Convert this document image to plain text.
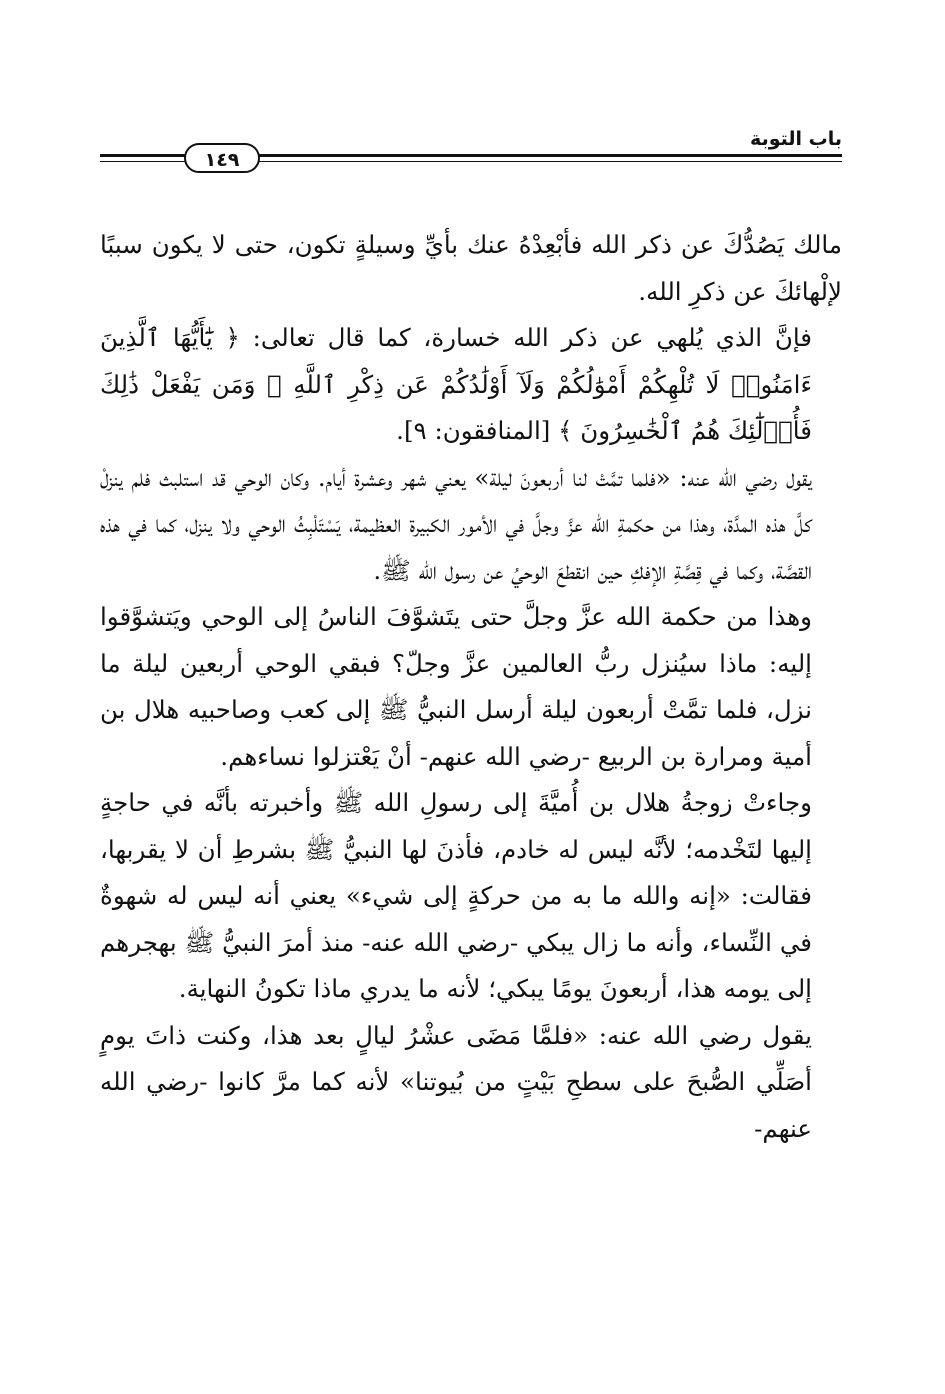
باب التوبة
١٤٩

مالك يَصُدُّكَ عن ذكر الله فأبْعِدْهُ عنك بأيِّ وسيلةٍ تكون، حتى لا يكون سببًا لإلْهائكَ عن ذكرِ الله.

فإنَّ الذي يُلهي عن ذكر الله خسارة، كما قال تعالى: ﴿ يَٰٓأَيُّهَا ٱلَّذِينَ ءَامَنُوا۟ لَا تُلْهِكُمْ أَمْوَٰلُكُمْ وَلَآ أَوْلَٰدُكُمْ عَن ذِكْرِ ٱللَّهِ ۚ وَمَن يَفْعَلْ ذَٰلِكَ فَأُو۟لَٰٓئِكَ هُمُ ٱلْخَٰسِرُونَ ﴾ [المنافقون: ٩].

يقول رضي الله عنه: «فلما تمَّتْ لنا أربعونَ ليلة» يعني شهر وعشرة أيام. وكان الوحي قد استلبث فلم ينزلْ كلَّ هذه المدَّة، وهذا من حكمةِ الله عزَّ وجلَّ في الأمور الكبيرة العظيمة، يَسْتَلْبِثُ الوحي ولا ينزل، كما في هذه القصَّة، وكما في قِصَّةِ الإفكِ حين انقطعَ الوحيُ عن رسول الله ﷺ.

وهذا من حكمة الله عزَّ وجلَّ حتى يتَشوَّفَ الناسُ إلى الوحي ويَتشوَّقوا إليه: ماذا سيُنزل ربُّ العالمين عزَّ وجلّ؟ فبقي الوحي أربعين ليلة ما نزل، فلما تمَّتْ أربعون ليلة أرسل النبيُّ ﷺ إلى كعب وصاحبيه هلال بن أمية ومرارة بن الربيع -رضي الله عنهم- أنْ يَعْتزلوا نساءهم.

وجاءتْ زوجةُ هلال بن أُميَّةَ إلى رسولِ الله ﷺ وأخبرته بأنَّه في حاجةٍ إليها لتَخْدمه؛ لأنَّه ليس له خادم، فأذنَ لها النبيُّ ﷺ بشرطِ أن لا يقربها، فقالت: «إنه والله ما به من حركةٍ إلى شيء» يعني أنه ليس له شهوةٌ في النِّساء، وأنه ما زال يبكي -رضي الله عنه- منذ أمرَ النبيُّ ﷺ بهجرهم إلى يومه هذا، أربعونَ يومًا يبكي؛ لأنه ما يدري ماذا تكونُ النهاية.

يقول رضي الله عنه: «فلمَّا مَضَى عشْرُ ليالٍ بعد هذا، وكنت ذاتَ يومٍ أصَلِّي الصُّبحَ على سطحِ بَيْتٍ من بُيوتنا» لأنه كما مرَّ كانوا -رضي الله عنهم-
